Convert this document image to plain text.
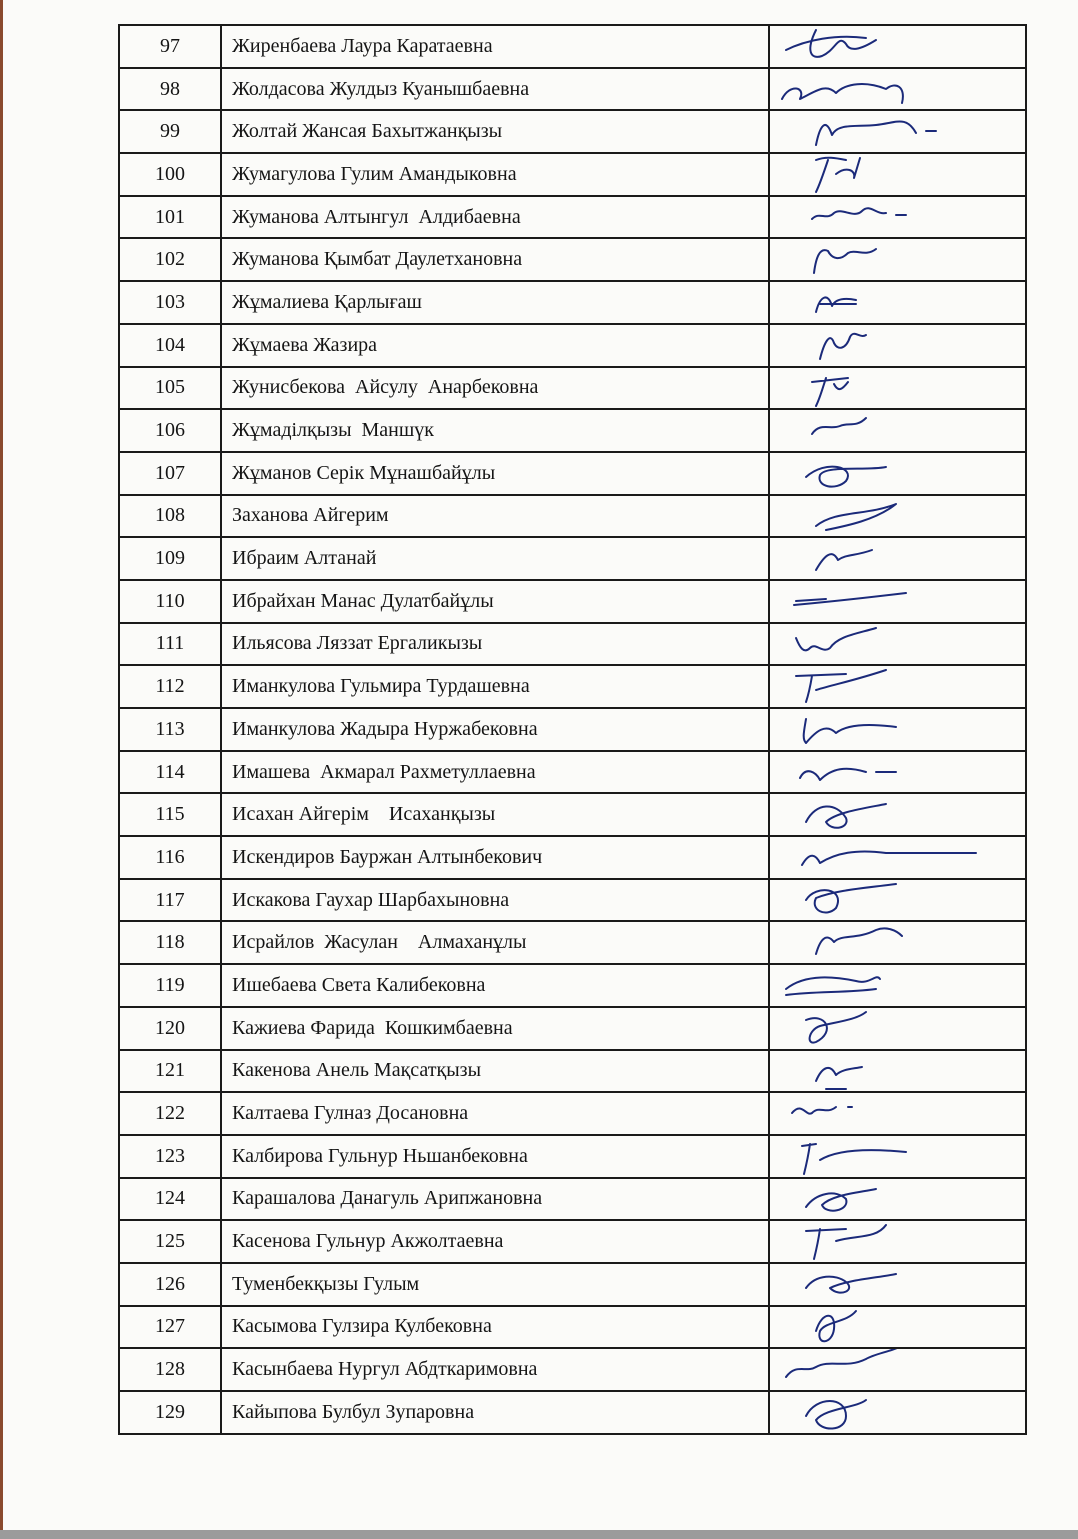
97	Жиренбаева Лаура Каратаевна	

98	Жолдасова Жулдыз Куанышбаевна	

99	Жолтай Жансая Бахытжанқызы	

100	Жумагулова Гулим Амандыковна	

101	Жуманова Алтынгул  Алдибаевна	

102	Жуманова Қымбат Даулетхановна	

103	Жұмалиева Қарлығаш	

104	Жұмаева Жазира	

105	Жунисбекова  Айсулу  Анарбековна	

106	Жұмаділқызы  Маншүк	

107	Жұманов Серік Мұнашбайұлы	

108	Заханова Айгерим	

109	Ибраим Алтанай	

110	Ибрайхан Манас Дулатбайұлы	

111	Ильясова Ляззат Ергаликызы	

112	Иманкулова Гульмира Турдашевна	

113	Иманкулова Жадыра Нуржабековна	

114	Имашева  Акмарал Рахметуллаевна	

115	Исахан Айгерім    Исаханқызы	

116	Искендиров Бауржан Алтынбекович	

117	Искакова Гаухар Шарбахыновна	

118	Исрайлов  Жасулан    Алмаханұлы	

119	Ишебаева Света Калибековна	

120	Кажиева Фарида  Кошкимбаевна	

121	Какенова Анель Мақсатқызы	

122	Калтаева Гулназ Досановна	

123	Калбирова Гульнур Ньшанбековна	

124	Карашалова Данагуль Арипжановна	

125	Касенова Гульнур Акжолтаевна	

126	Туменбекқызы Гулым	

127	Касымова Гулзира Кулбековна	

128	Касынбаева Нургул Абдткаримовна	

129	Кайыпова Булбул Зупаровна	
